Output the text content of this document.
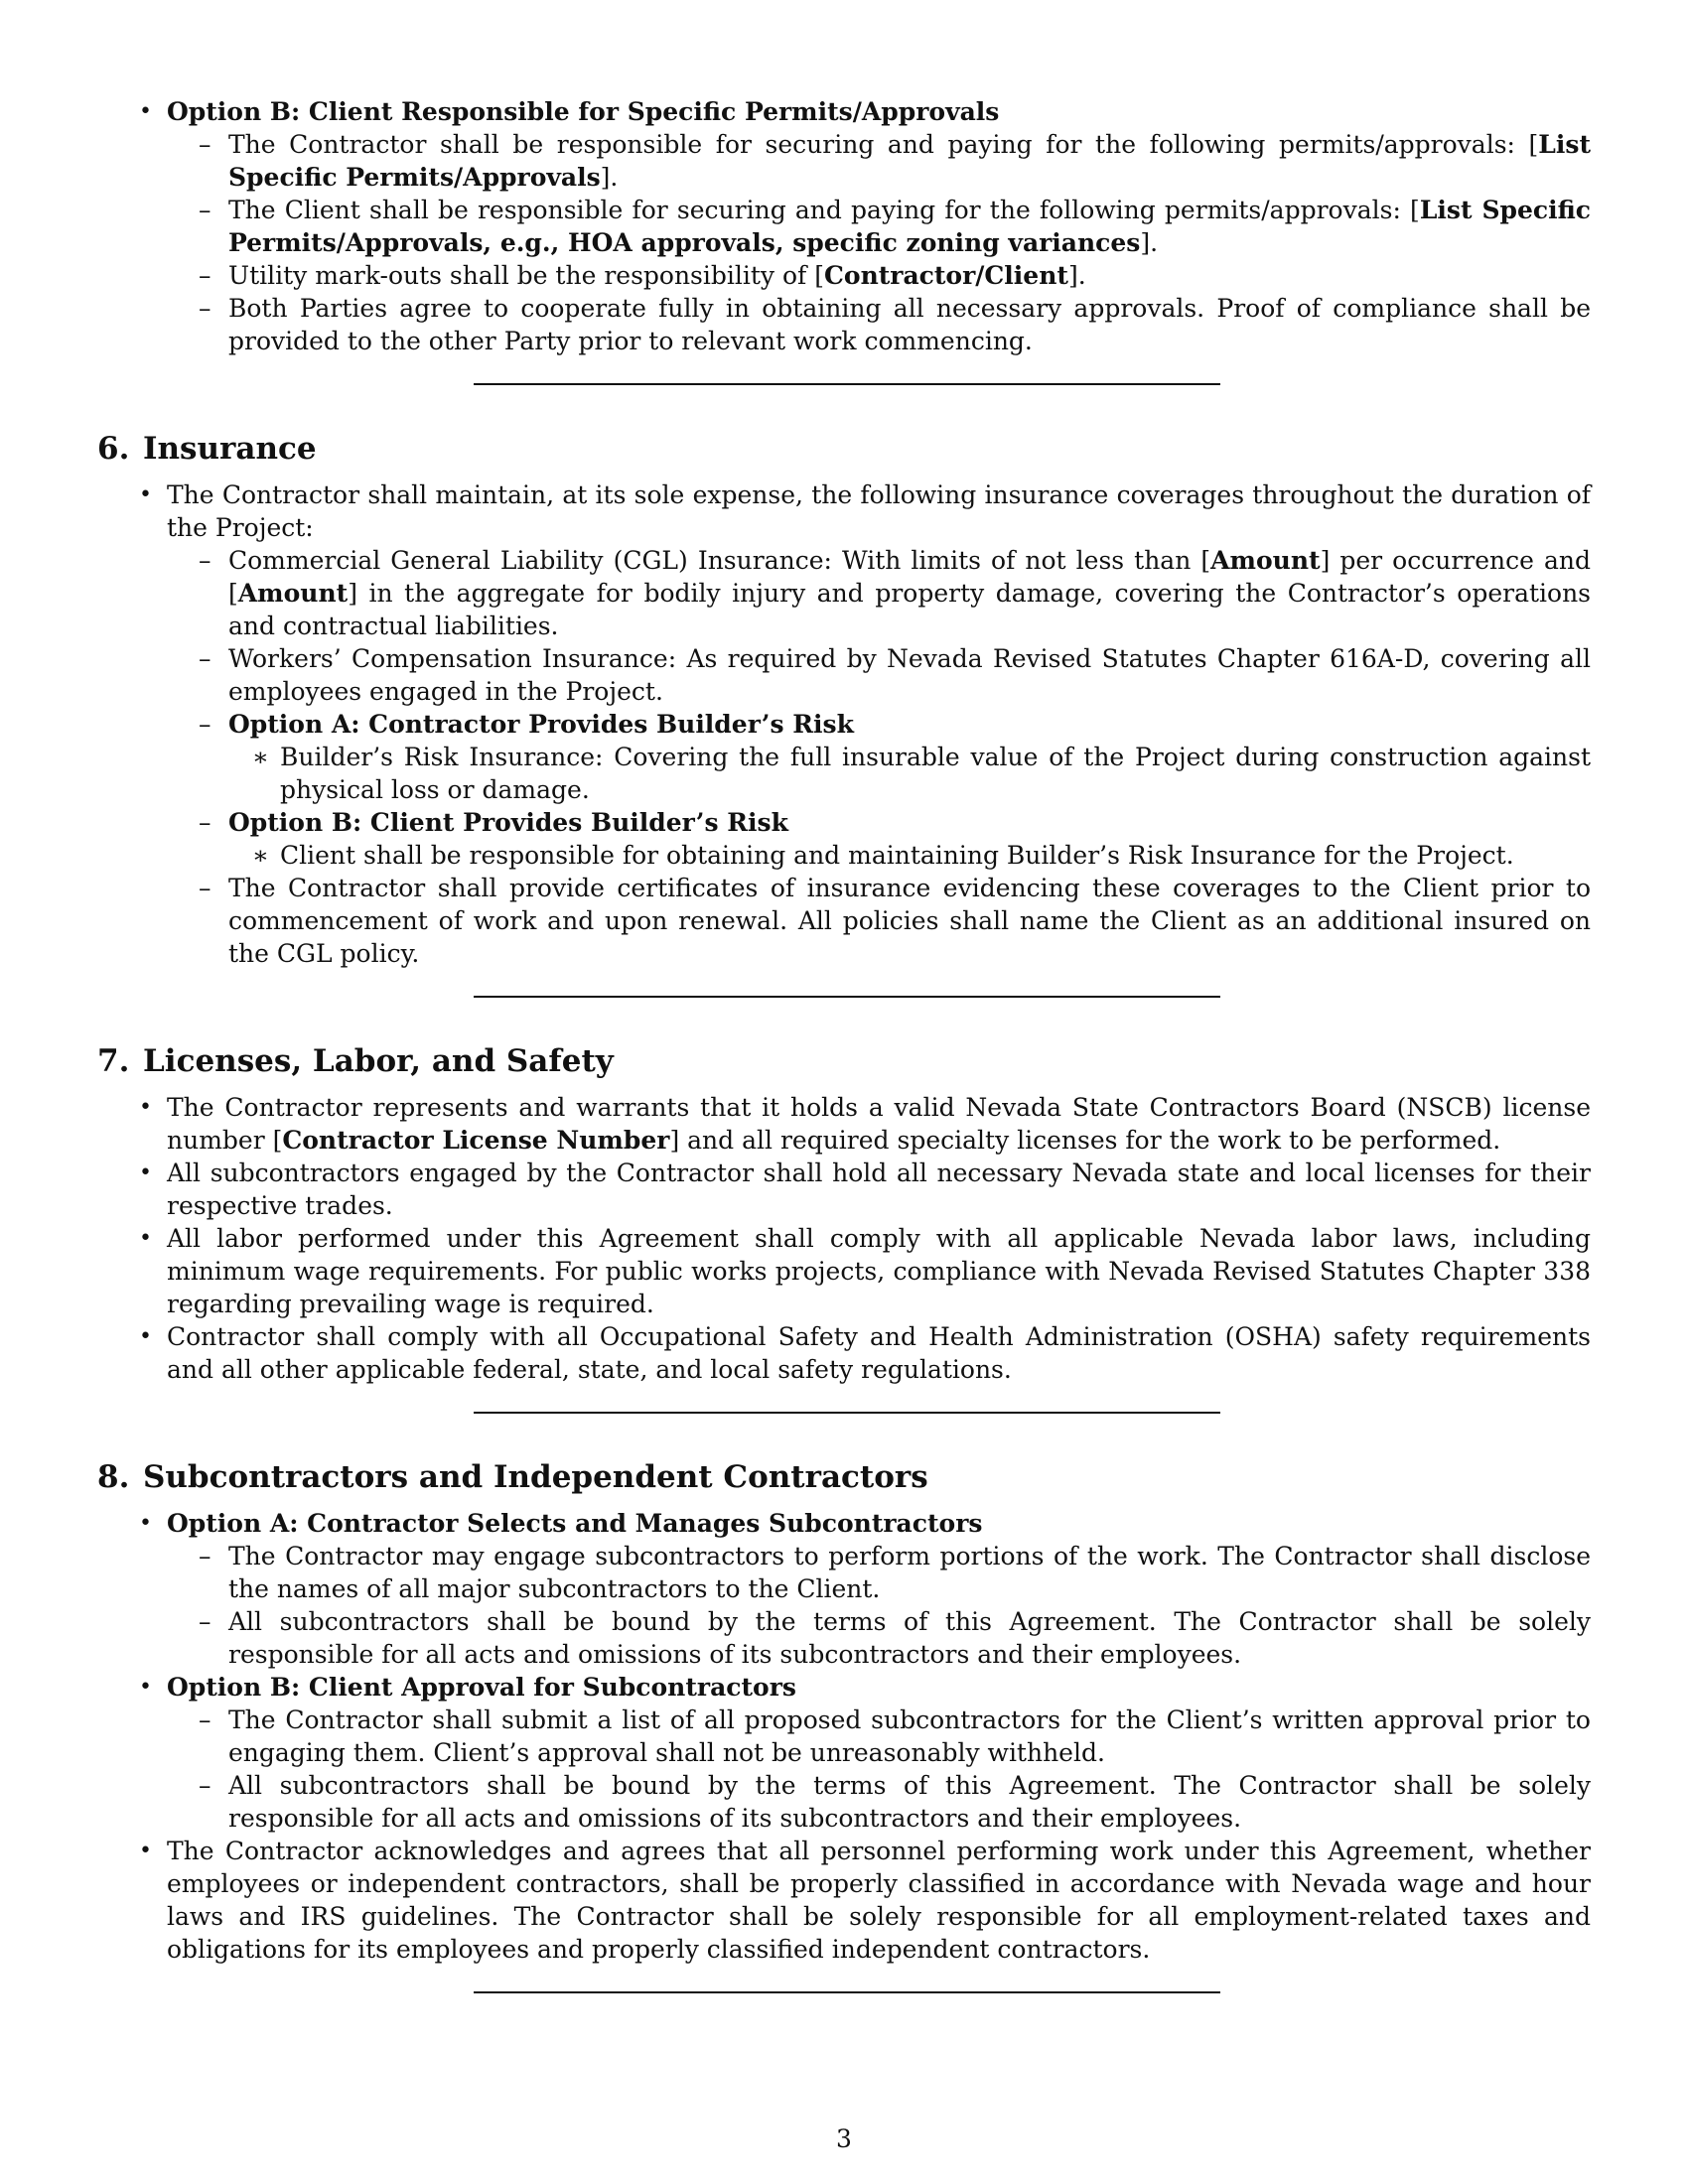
• Option B: Client Responsible for Specific Permits/Approvals
– The Contractor shall be responsible for securing and paying for the following permits/approvals: [List Specific Permits/Approvals].
– The Client shall be responsible for securing and paying for the following permits/approvals: [List Specific Permits/Approvals, e.g., HOA approvals, specific zoning variances].
– Utility mark-outs shall be the responsibility of [Contractor/Client].
– Both Parties agree to cooperate fully in obtaining all necessary approvals. Proof of compliance shall be provided to the other Party prior to relevant work commencing.
6. Insurance
• The Contractor shall maintain, at its sole expense, the following insurance coverages throughout the duration of the Project:
– Commercial General Liability (CGL) Insurance: With limits of not less than [Amount] per occurrence and [Amount] in the aggregate for bodily injury and property damage, covering the Contractor’s operations and contractual liabilities.
– Workers’ Compensation Insurance: As required by Nevada Revised Statutes Chapter 616A-D, covering all employees engaged in the Project.
– Option A: Contractor Provides Builder’s Risk
∗ Builder’s Risk Insurance: Covering the full insurable value of the Project during construction against physical loss or damage.
– Option B: Client Provides Builder’s Risk
∗ Client shall be responsible for obtaining and maintaining Builder’s Risk Insurance for the Project.
– The Contractor shall provide certificates of insurance evidencing these coverages to the Client prior to commencement of work and upon renewal. All policies shall name the Client as an additional insured on the CGL policy.
7. Licenses, Labor, and Safety
• The Contractor represents and warrants that it holds a valid Nevada State Contractors Board (NSCB) license number [Contractor License Number] and all required specialty licenses for the work to be performed.
• All subcontractors engaged by the Contractor shall hold all necessary Nevada state and local licenses for their respective trades.
• All labor performed under this Agreement shall comply with all applicable Nevada labor laws, including minimum wage requirements. For public works projects, compliance with Nevada Revised Statutes Chapter 338 regarding prevailing wage is required.
• Contractor shall comply with all Occupational Safety and Health Administration (OSHA) safety requirements and all other applicable federal, state, and local safety regulations.
8. Subcontractors and Independent Contractors
• Option A: Contractor Selects and Manages Subcontractors
– The Contractor may engage subcontractors to perform portions of the work. The Contractor shall disclose the names of all major subcontractors to the Client.
– All subcontractors shall be bound by the terms of this Agreement. The Contractor shall be solely responsible for all acts and omissions of its subcontractors and their employees.
• Option B: Client Approval for Subcontractors
– The Contractor shall submit a list of all proposed subcontractors for the Client’s written approval prior to engaging them. Client’s approval shall not be unreasonably withheld.
– All subcontractors shall be bound by the terms of this Agreement. The Contractor shall be solely responsible for all acts and omissions of its subcontractors and their employees.
• The Contractor acknowledges and agrees that all personnel performing work under this Agreement, whether employees or independent contractors, shall be properly classified in accordance with Nevada wage and hour laws and IRS guidelines. The Contractor shall be solely responsible for all employment-related taxes and obligations for its employees and properly classified independent contractors.
3
